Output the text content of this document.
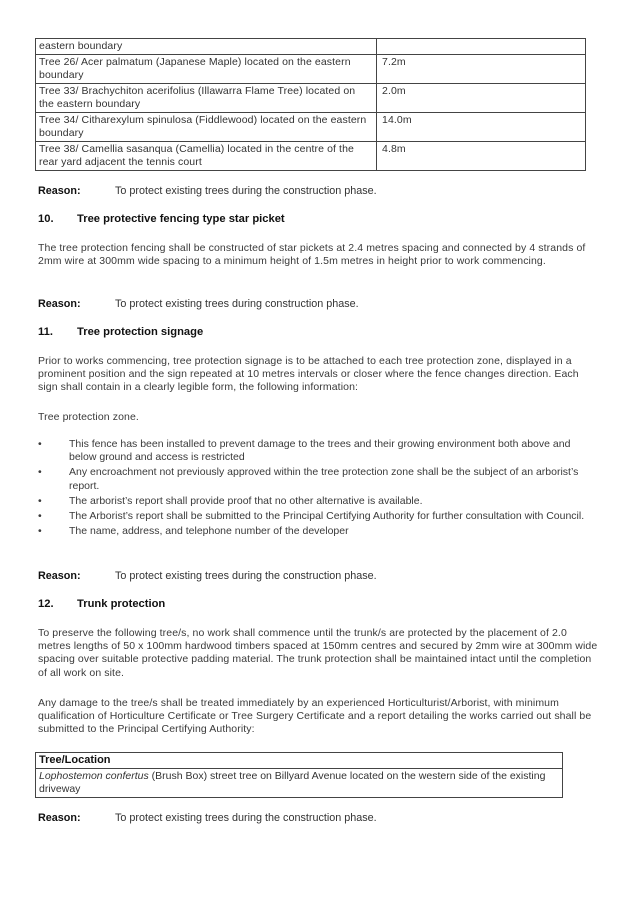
eastern boundary	
Tree 26/ Acer palmatum (Japanese Maple) located on the eastern boundary	7.2m
Tree 33/ Brachychiton acerifolius (Illawarra Flame Tree) located on the eastern boundary	2.0m
Tree 34/ Citharexylum spinulosa (Fiddlewood) located on the eastern boundary	14.0m
Tree 38/ Camellia sasanqua (Camellia) located in the centre of the rear yard adjacent the tennis court	4.8m
Reason:	To protect existing trees during the construction phase.
10. Tree protective fencing type star picket
The tree protection fencing shall be constructed of star pickets at 2.4 metres spacing and connected by 4 strands of 2mm wire at 300mm wide spacing to a minimum height of 1.5m metres in height prior to work commencing.
Reason:	To protect existing trees during construction phase.
11. Tree protection signage
Prior to works commencing, tree protection signage is to be attached to each tree protection zone, displayed in a prominent position and the sign repeated at 10 metres intervals or closer where the fence changes direction. Each sign shall contain in a clearly legible form, the following information:
Tree protection zone.
•	This fence has been installed to prevent damage to the trees and their growing environment both above and below ground and access is restricted
•	Any encroachment not previously approved within the tree protection zone shall be the subject of an arborist’s report.
•	The arborist’s report shall provide proof that no other alternative is available.
•	The Arborist’s report shall be submitted to the Principal Certifying Authority for further consultation with Council.
•	The name, address, and telephone number of the developer
Reason:	To protect existing trees during the construction phase.
12. Trunk protection
To preserve the following tree/s, no work shall commence until the trunk/s are protected by the placement of 2.0 metres lengths of 50 x 100mm hardwood timbers spaced at 150mm centres and secured by 2mm wire at 300mm wide spacing over suitable protective padding material. The trunk protection shall be maintained intact until the completion of all work on site.
Any damage to the tree/s shall be treated immediately by an experienced Horticulturist/Arborist, with minimum qualification of Horticulture Certificate or Tree Surgery Certificate and a report detailing the works carried out shall be submitted to the Principal Certifying Authority:
Tree/Location
Lophostemon confertus (Brush Box) street tree on Billyard Avenue located on the western side of the existing driveway
Reason:	To protect existing trees during the construction phase.
